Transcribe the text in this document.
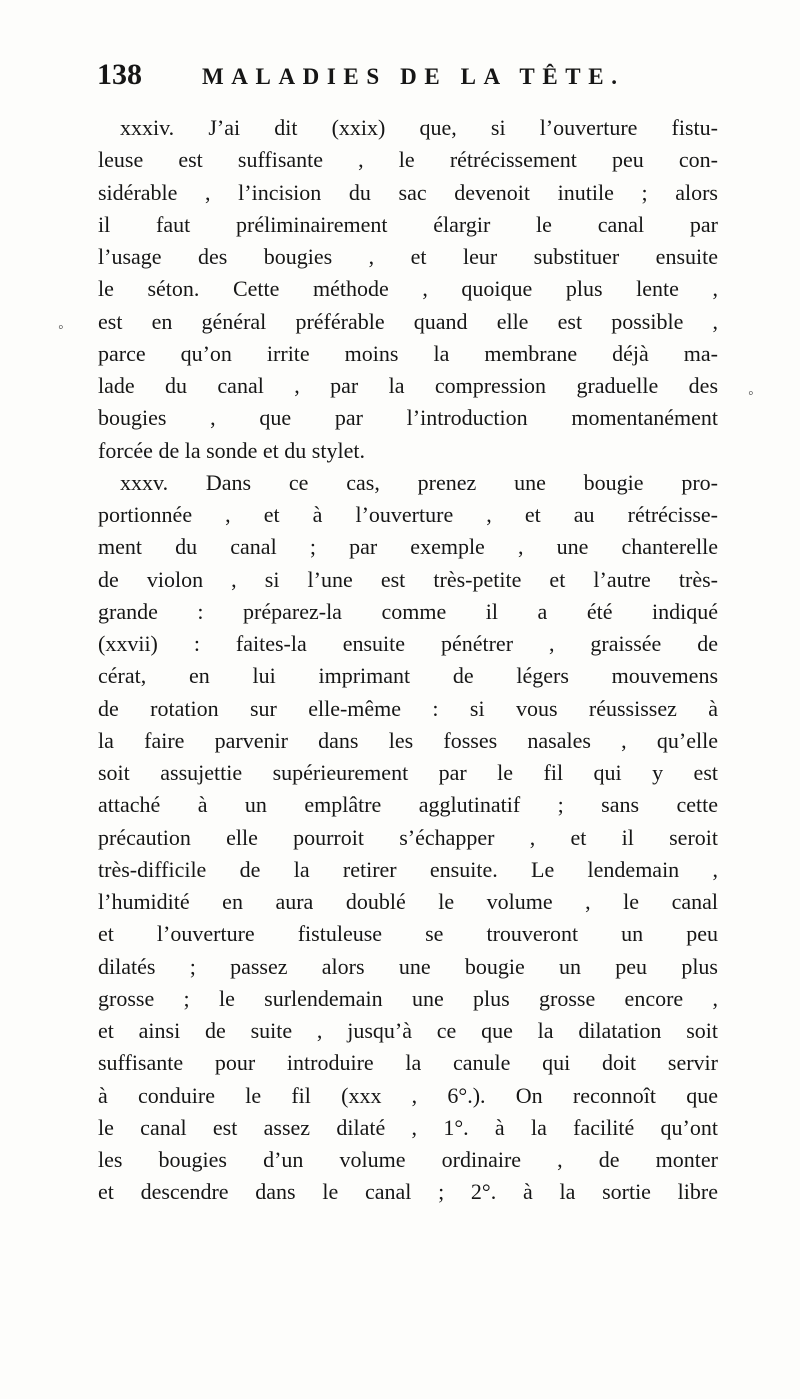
138	MALADIES DE LA TÊTE.
◦
◦
xxxiv. J’ai dit (xxix) que, si l’ouverture fistu-
leuse est suffisante , le rétrécissement peu con-
sidérable , l’incision du sac devenoit inutile ; alors
il faut préliminairement élargir le canal par
l’usage des bougies , et leur substituer ensuite
le séton. Cette méthode , quoique plus lente ,
est en général préférable quand elle est possible ,
parce qu’on irrite moins la membrane déjà ma-
lade du canal , par la compression graduelle des
bougies , que par l’introduction momentanément
forcée de la sonde et du stylet.
xxxv. Dans ce cas, prenez une bougie pro-
portionnée , et à l’ouverture , et au rétrécisse-
ment du canal ; par exemple , une chanterelle
de violon , si l’une est très-petite et l’autre très-
grande : préparez-la comme il a été indiqué
(xxvii) : faites-la ensuite pénétrer , graissée de
cérat, en lui imprimant de légers mouvemens
de rotation sur elle-même : si vous réussissez à
la faire parvenir dans les fosses nasales , qu’elle
soit assujettie supérieurement par le fil qui y est
attaché à un emplâtre agglutinatif ; sans cette
précaution elle pourroit s’échapper , et il seroit
très-difficile de la retirer ensuite. Le lendemain ,
l’humidité en aura doublé le volume , le canal
et l’ouverture fistuleuse se trouveront un peu
dilatés ; passez alors une bougie un peu plus
grosse ; le surlendemain une plus grosse encore ,
et ainsi de suite , jusqu’à ce que la dilatation soit
suffisante pour introduire la canule qui doit servir
à conduire le fil (xxx , 6°.). On reconnoît que
le canal est assez dilaté , 1°. à la facilité qu’ont
les bougies d’un volume ordinaire , de monter
et descendre dans le canal ; 2°. à la sortie libre
